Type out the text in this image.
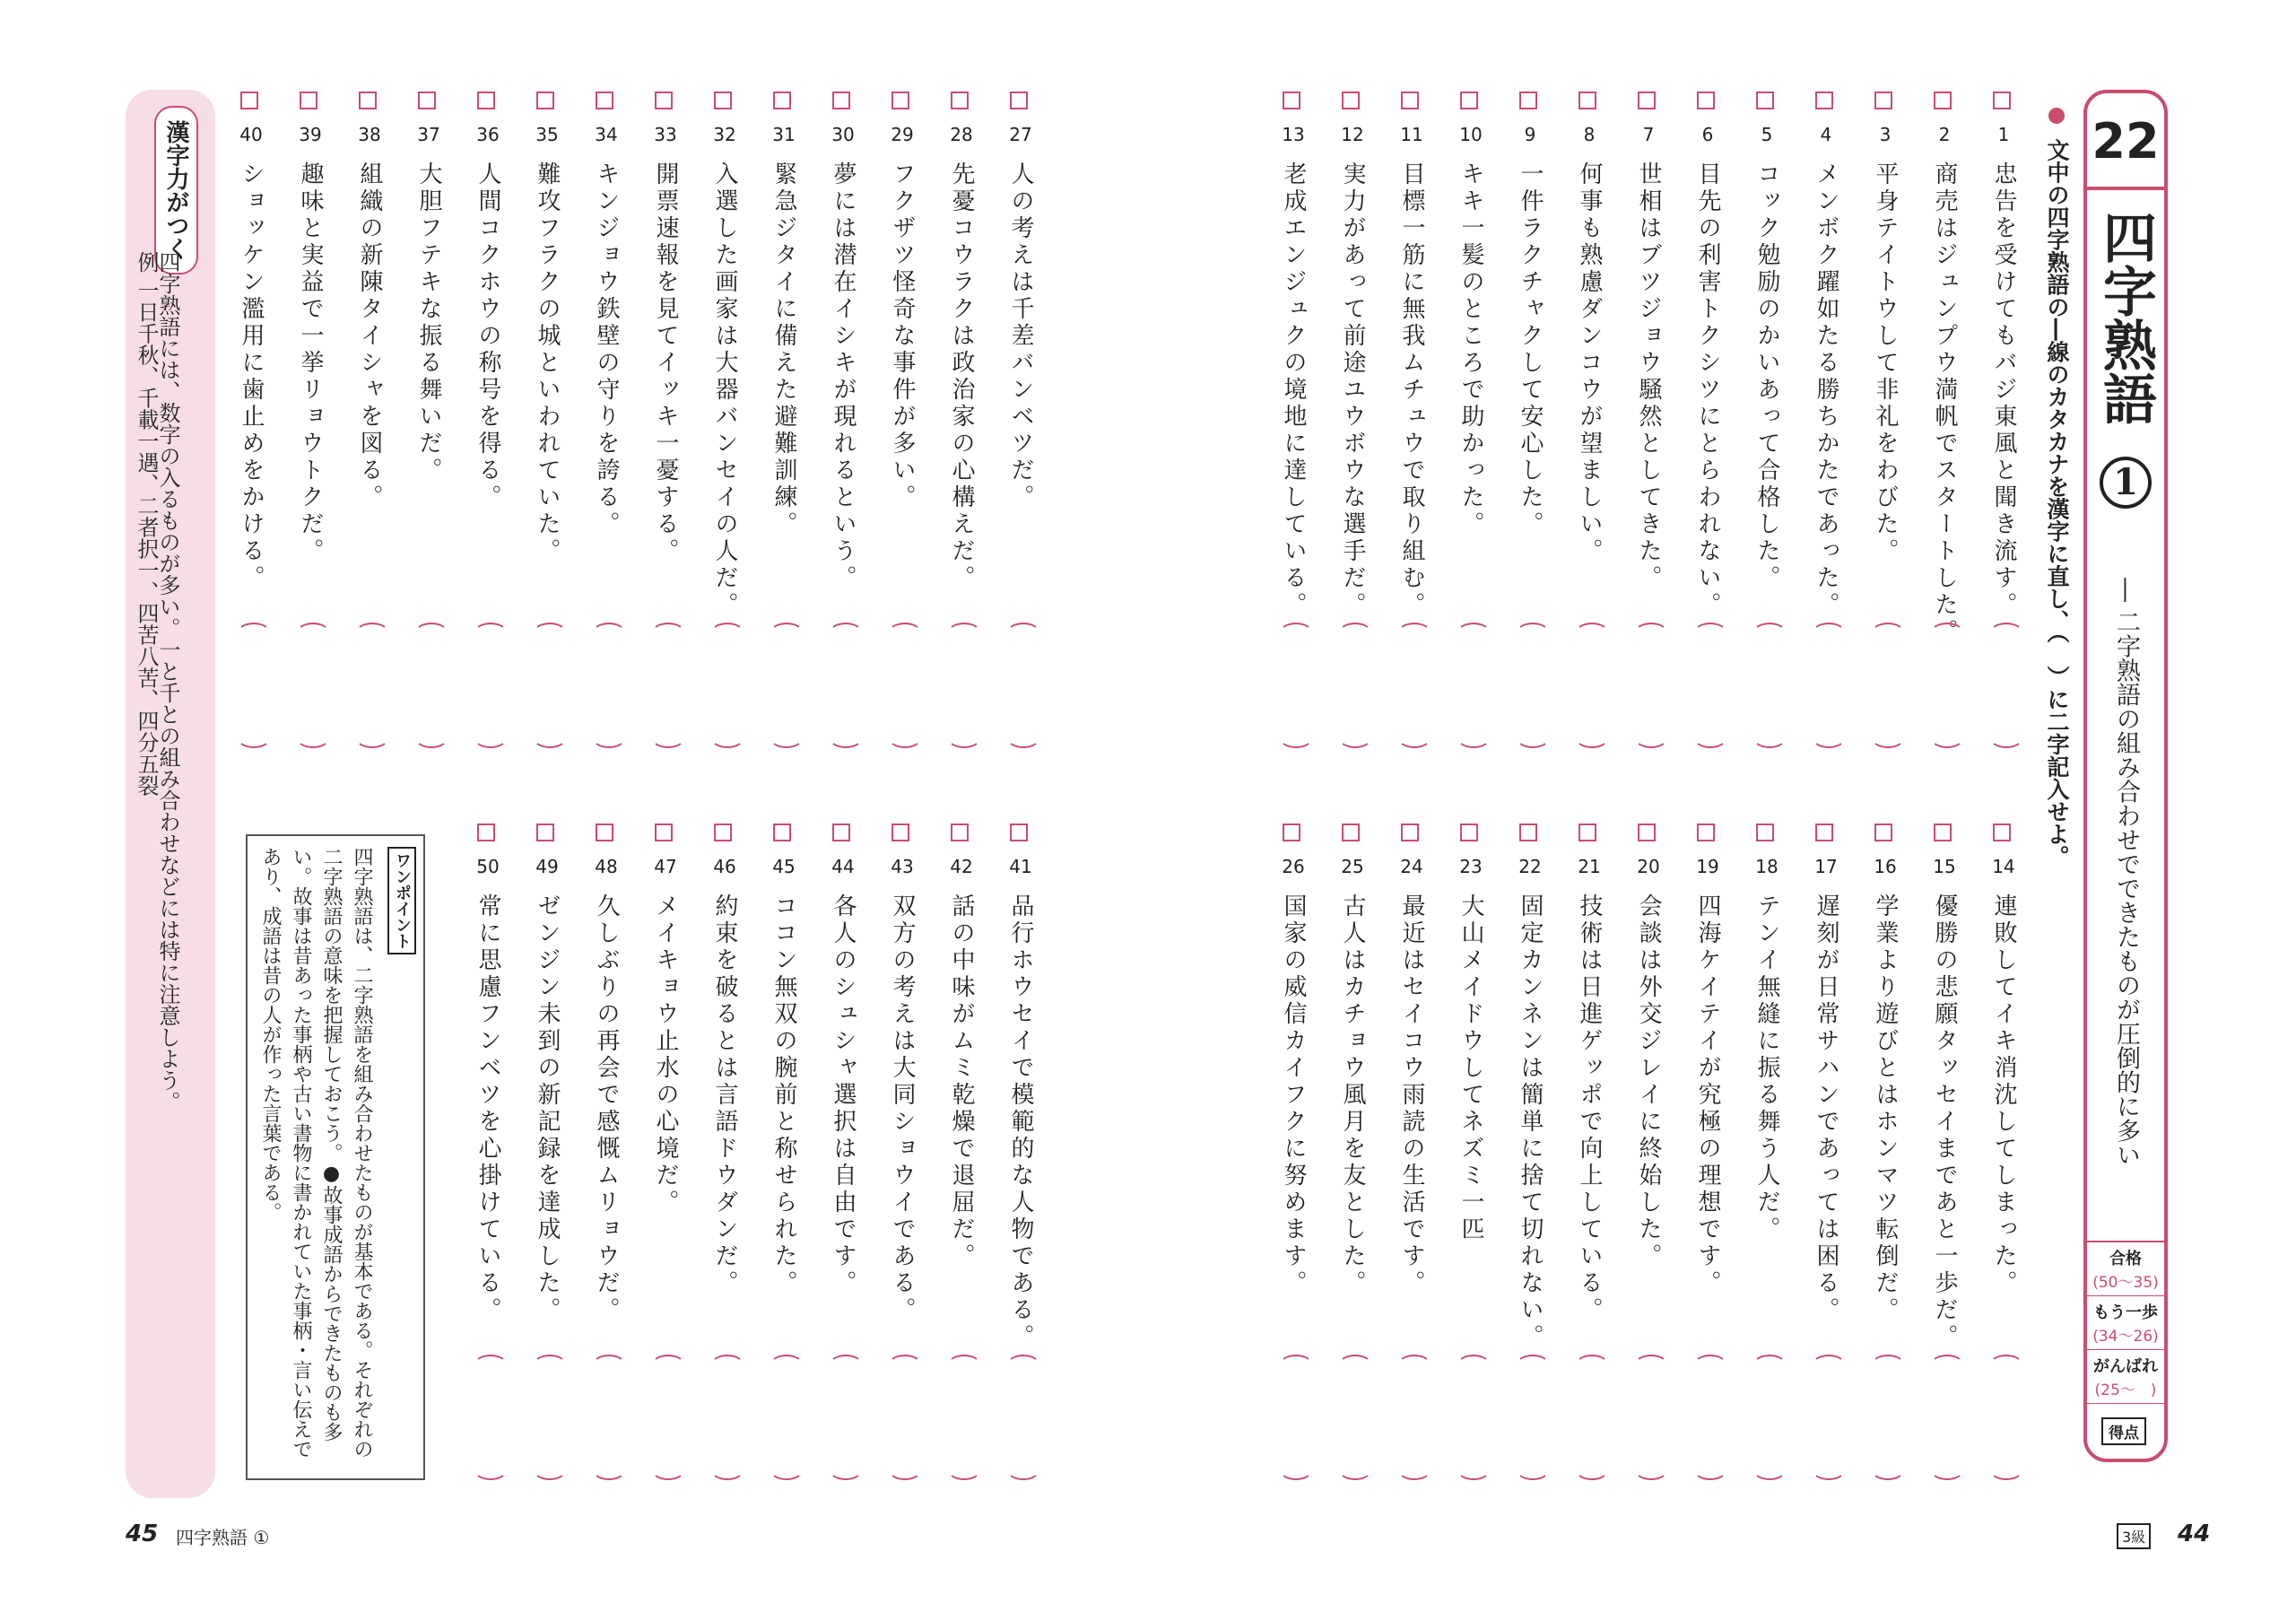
漢字力がつく
四字熟語には、数字の入るものが多い。一と千との組み合わせなどには特に注意しよう。
例 一日千秋、千載一遇、二者択一、四苦八苦、四分五裂
27
人の考えは千差バンベツだ。
28
先憂コウラクは政治家の心構えだ。
29
フクザツ怪奇な事件が多い。
30
夢には潜在イシキが現れるという。
31
緊急ジタイに備えた避難訓練。
32
入選した画家は大器バンセイの人だ。
33
開票速報を見てイッキ一憂する。
34
キンジョウ鉄壁の守りを誇る。
35
難攻フラクの城といわれていた。
36
人間コクホウの称号を得る。
37
大胆フテキな振る舞いだ。
38
組織の新陳タイシャを図る。
39
趣味と実益で一挙リョウトクだ。
40
ショッケン濫用に歯止めをかける。
41
品行ホウセイで模範的な人物である。
42
話の中味がムミ乾燥で退屈だ。
43
双方の考えは大同ショウイである。
44
各人のシュシャ選択は自由です。
45
ココン無双の腕前と称せられた。
46
約束を破るとは言語ドウダンだ。
47
メイキョウ止水の心境だ。
48
久しぶりの再会で感慨ムリョウだ。
49
ゼンジン未到の新記録を達成した。
50
常に思慮フンベツを心掛けている。
ワンポイント
四字熟語は、二字熟語を組み合わせたものが基本である。それぞれの二字熟語の意味を把握しておこう。●故事成語からできたものも多い。故事は昔あった事柄や古い書物に書かれていた事柄・言い伝えであり、成語は昔の人が作った言葉である。
45 四字熟語 ①
1
忠告を受けてもバジ東風と聞き流す。
2
商売はジュンプウ満帆でスタートした。
3
平身テイトウして非礼をわびた。
4
メンボク躍如たる勝ちかたであった。
5
コック勉励のかいあって合格した。
6
目先の利害トクシツにとらわれない。
7
世相はブツジョウ騒然としてきた。
8
何事も熟慮ダンコウが望ましい。
9
一件ラクチャクして安心した。
10
キキ一髪のところで助かった。
11
目標一筋に無我ムチュウで取り組む。
12
実力があって前途ユウボウな選手だ。
13
老成エンジュクの境地に達している。
14
連敗してイキ消沈してしまった。
15
優勝の悲願タッセイまであと一歩だ。
16
学業より遊びとはホンマツ転倒だ。
17
遅刻が日常サハンであっては困る。
18
テンイ無縫に振る舞う人だ。
19
四海ケイテイが究極の理想です。
20
会談は外交ジレイに終始した。
21
技術は日進ゲッポで向上している。
22
固定カンネンは簡単に捨て切れない。
23
大山メイドウしてネズミ一匹
24
最近はセイコウ雨読の生活です。
25
古人はカチョウ風月を友とした。
26
国家の威信カイフクに努めます。
文中の四字熟語の―線のカタカナを漢字に直し、（　）に二字記入せよ。 22
四字熟語 1
― 二字熟語の組み合わせでできたものが圧倒的に多い
合格
(50〜35)
もう一歩
(34〜26)
がんばれ
(25〜　)
得点
3級 44
